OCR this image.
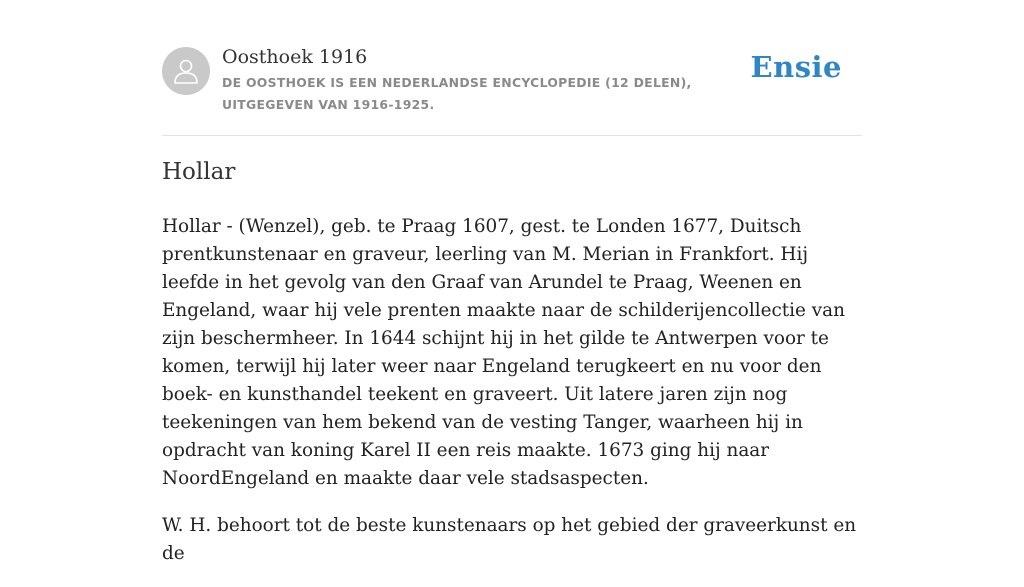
Oosthoek 1916
DE OOSTHOEK IS EEN NEDERLANDSE ENCYCLOPEDIE (12 DELEN), UITGEGEVEN VAN 1916-1925.
Ensie
Hollar

Hollar - (Wenzel), geb. te Praag 1607, gest. te Londen 1677, Duitsch prentkunstenaar en graveur, leerling van M. Merian in Frankfort. Hij leefde in het gevolg van den Graaf van Arundel te Praag, Weenen en Engeland, waar hij vele prenten maakte naar de schilderijencollectie van zijn beschermheer. In 1644 schijnt hij in het gilde te Antwerpen voor te komen, terwijl hij later weer naar Engeland terugkeert en nu voor den boek- en kunsthandel teekent en graveert. Uit latere jaren zijn nog teekeningen van hem bekend van de vesting Tanger, waarheen hij in opdracht van koning Karel II een reis maakte. 1673 ging hij naar NoordEngeland en maakte daar vele stadsaspecten.

W. H. behoort tot de beste kunstenaars op het gebied der graveerkunst en de
